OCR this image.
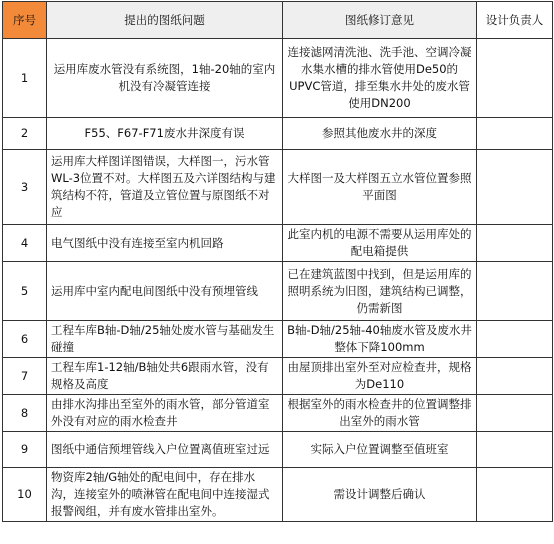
序号	提出的图纸问题	图纸修订意见	设计负责人
1	运用库废水管没有系统图，1轴-20轴的室内机没有冷凝管连接	连接滤网清洗池、洗手池、空调冷凝水集水槽的排水管使用De50的UPVC管道，排至集水井处的废水管使用DN200	
2	F55、F67-F71废水井深度有误	参照其他废水井的深度	
3	运用库大样图详图错误，大样图一，污水管WL-3位置不对。大样图五及六详图结构与建筑结构不符，管道及立管位置与原图纸不对应	大样图一及大样图五立水管位置参照平面图	
4	电气图纸中没有连接至室内机回路	此室内机的电源不需要从运用库处的配电箱提供	
5	运用库中室内配电间图纸中没有预埋管线	已在建筑蓝图中找到，但是运用库的照明系统为旧图，建筑结构已调整，仍需新图	
6	工程车库B轴-D轴/25轴处废水管与基础发生碰撞	B轴-D轴/25轴-40轴废水管及废水井整体下降100mm	
7	工程车库1-12轴/B轴处共6跟雨水管，没有规格及高度	由屋顶排出室外至对应检查井，规格为De110	
8	由排水沟排出至室外的雨水管，部分管道室外没有对应的雨水检查井	根据室外的雨水检查井的位置调整排出室外的雨水管	
9	图纸中通信预埋管线入户位置离值班室过远	实际入户位置调整至值班室	
10	物资库2轴/G轴处的配电间中，存在排水沟，连接室外的喷淋管在配电间中连接湿式报警阀组，并有废水管排出室外。	需设计调整后确认	
